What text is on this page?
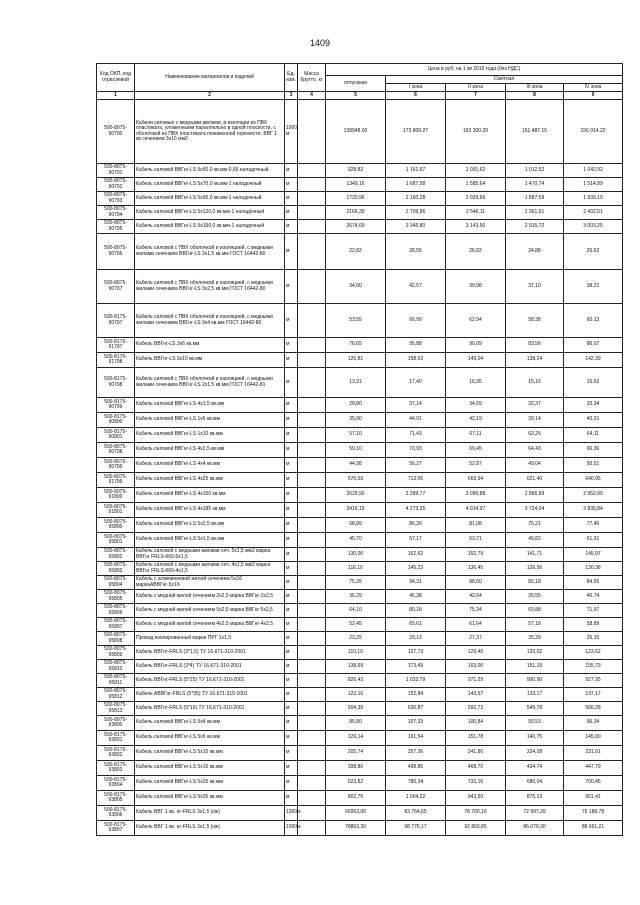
1409
Код ОКП, код отраслевой	Наименование материалов и изделий	Ед. изм.	Масса брутто, кг	Цена в руб. на 1 кв 2016 года (без НДС)				
				отпускная	Сметная			
					I зона	II зона	III зона	IV зона
1	2	3	4	5	6	7	8	9
500-8075-90790	Кабели силовые с медными жилами, в изоляции из ПВХ пластиката, уложенными параллельно в одной плоскости, с оболочкой из ПВХ пластиката пониженной горючести. ВВГ 1 кв сечением 3х16 мм2	1000 м		138948.00	173 809.27	163 300.20	151 487.15	156 014.22
500-8075-90791	Кабель силовой ВВГнг-LS 5х50,0 кв.мм-0,66 наладочный	м		928,82	1 161,67	1 091,62	1 012,52	1 042,92
500-8075-90792	Кабель силовой ВВГнг-LS 5х70,0 кв.мм-1 наладочный	м		1349,16	1 687,58	1 585,64	1 470,74	1 514,89
500-8075-90793	Кабель силовой ВВГнг-LS 5х95,0 кв.мм-1 наладочный	м		1720,96	2 160,28	2 029,66	1 887,59	1 939,10
500-8075-90794	Кабель силовой ВВГнг-LS 5х120,0 кв.мм-1 наладочный	м		2166,39	2 709,96	2 546,11	2 361,61	2 432,51
500-8075-90795	Кабель силовой ВВГнг-LS 5х150,0 кв.мм-1 наладочный	м		2674,69	3 345,80	3 143,50	2 915,72	3 003,25
500-8075-90796	Кабель силовой с ПВХ оболочкой и изоляцией, с медными жилами сечением ВВГнг-LS 3х1,5 кв.мм ГОСТ 16442-80	м		22,82	28,55	26,82	24,88	25,62
500-8075-90797	Кабель силовой с ПВХ оболочкой и изоляцией, с медными жилами сечением ВВГнг-LS 3х2,5 кв.мм ГОСТ 16442-80	м		34,00	42,57	39,98	37,10	38,21
500-8175-90797	Кабель силовой с ПВХ оболочкой и изоляцией, с медными жилами сечением ВВГнг-LS 3х4 кв.мм ГОСТ 16442-80	м		53,55	66,99	62,94	58,38	60,13
500-8175-91797	Кабель ВВГнг-LS 3х6 кв.мм	м		76,65	95,88	90,09	83,56	86,07
500-8175-91798	Кабель ВВГнг-LS 3х10 кв.мм	м		126,81	158,63	149,04	138,24	142,39
500-8175-90798	Кабель силовой с ПВХ оболочкой и изоляцией, с медными жилами сечением ВВГнг-LS 2х1,5 кв.мм ГОСТ 16442-81	м		13,91	17,40	16,35	15,16	15,62
500-8175-90799	Кабель силовой ВВГнг-LS 4х1,5 кв.мм	м		29,80	37,14	34,69	32,37	33,34
500-8175-90800	Кабель силовой ВВГнг-LS 1х6 кв.мм	м		35,90	44,91	42,19	39,14	40,31
500-8175-90801	Кабель силовой ВВГнг-LS 1х10 кв.мм	м		57,10	71,43	67,11	62,25	64,11
500-8075-90798	Кабель силовой ВВГнг-LS 4х2,5 кв.мм	м		59,10	73,93	69,45	64,43	66,36
500-8075-90799	Кабель силовой ВВГнг-LS 4х4 кв.мм	м		44,98	56,27	52,87	49,04	50,51
500-8075-91799	Кабель силовой ВВГнг-LS 4х25 кв.мм	м		570,03	713,06	669,94	621,40	640,05
500-8075-91800	Кабель силовой ВВГнг-LS 4х150 кв.мм	м		2629,90	3 289,77	3 090,88	2 866,89	2 952,90
500-8075-91801	Кабель силовой ВВГнг-LS 4х185 кв.мм	м		3416,19	4 273,35	4 014,97	3 724,04	3 835,84
500-8075-95800	Кабель силовой ВВГнг-LS 5х2,5 кв.мм	м		68,99	86,30	81,08	75,21	77,46
500-8075-95801	Кабель силовой ВВГнг-LS 5х1,5 кв.мм	м		45,70	57,17	53,71	49,82	51,31
500-8075-95802	Кабель силовой с медными жилами сеч. 5х1,5 мм2 марка ВВГнг FRLS-660-5х1,5	м		130,00	162,62	152,79	141,71	145,97
500-8075-95803	Кабель силовой с медными жилами сеч. 4х1,5 мм2 марка ВВГнг FRLS-660-4х1,5	м		116,10	145,23	136,45	126,56	130,38
500-8075-95804	Кабель с алюминиевой жилой сечением 5х16 маркаАВВГнг-5х16	м		75,39	94,31	88,60	82,18	84,65
500-8075-95805	Кабель с медной жилой сечением 2х2,5 марка ВВГнг-2х2,5	м		36,29	45,38	42,64	39,55	40,74
500-8075-95806	Кабель с медной жилой сечением 5х2,5 марка ВВГнг 5х2,5	м		64,10	80,18	75,34	69,88	71,97
500-8075-95807	Кабель с медной жилой сечением 4х2,5 марка ВВГнг-4х2,5	м		52,45	65,61	61,64	57,18	58,89
500-8075-95808	Провод изолированный марки ПРГ 1х1,5	м		23,29	29,13	27,37	25,39	26,15
500-8075-95809	Кабель ВВГнг-FRLS (3*1,5) ТУ 16.К71-310-2001	м		110,10	137,73	129,40	120,02	123,62
500-8075-95810	Кабель ВВГнг-FRLS (3*4) ТУ 16.К71-310-2001	м		138,69	173,49	163,00	151,19	155,73
500-8075-95811	Кабель ВВГнг-FRLS (5*25) ТУ 16.К71-310-2001	м		826,43	1 033,79	971,29	900,90	927,95
500-8075-95812	Кабель АВВГнг-FRLS (5*35) ТУ 16.К71-310-2001	м		122,10	152,84	143,57	133,17	137,17
500-8075-95813	Кабель ВВГнг-FRLS (5*16) ТУ 16.К71-310-2001	м		504,39	630,87	592,73	549,78	566,28
500-8075-93800	Кабель силовой ВВГнг-LS 5х4 кв.мм	м		85,80	107,33	100,84	93,53	96,34
500-8175-93801	Кабель силовой ВВГнг-LS 5х6 кв.мм	м		129,14	161,54	151,78	140,75	145,00
500-8175-93802	Кабель силовой ВВГнг-LS 5х10 кв.мм	м		205,74	257,36	241,80	224,28	231,01
500-8175-93803	Кабель силовой ВВГнг-LS 5х16 кв.мм	м		398,80	498,86	468,70	434,74	447,79
500-8175-93804	Кабель силовой ВВГнг-LS 5х25 кв.мм	м		623,82	780,34	733,16	680,04	700,45
500-8175-93805	Кабель силовой ВВГнг-LS 5х35 кв.мм	м		802,75	1 004,22	943,50	875,13	901,41
500-8175-93806	Кабель ВВГ 1 кв. нг-FRLS 3х1,5 (ож)	1000м		66963,00	83 764,65	78 700,16	72 997,39	75 188,78
500-8175-93807	Кабель ВВГ 1 кв. нг-FRLS 3х1,5 (ож)	1000м		78863,30	98 776,17	92 803,85	86 079,30	88 661,21
